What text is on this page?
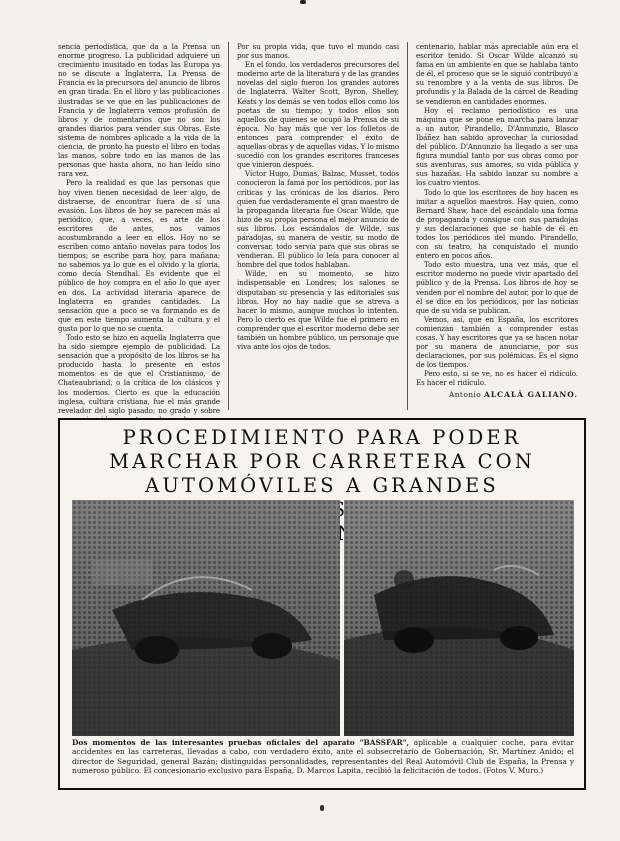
sencia periodística, que da a la Prensa un enorme progreso. La publicidad adquiere un crecimiento inusitado en todas las Europa ya no se discute a Inglaterra. La Prensa de Francia es la precursora del anuncio de libros en gran tirada. En el libro y las publicaciones ilustradas se ve que en las publicaciones de Francia y de Inglaterra vemos profusión de libros y de comentarios que no son los grandes diarios para vender sus Obras. Este sistema de nombres aplicado a la vida de la ciencia, de pronto ha puesto el libro en todas las manos, sobre todo en las manos de las personas que hasta ahora, no han leído sino rara vez.

Pero la realidad es que las personas que hoy viven tienen necesidad de leer algo, de distraerse, de encontrar fuera de sí una evasión. Los libros de hoy se parecen más al periódico, que, a veces, es arte de los escritores de antes, nos vamos acostumbrando a leer en ellos. Hoy no se escriben como antaño novelas para todos los tiempos; se escribe para hoy, para mañana; no sabemos ya lo que es el olvido y la gloria, como decía Stendhal. Es evidente que el público de hoy compra en el año lo que ayer en dos. La actividad literaria aparece de Inglaterra en grandes cantidades. La sensación que a poco se va formando es de que en este tiempo aumenta la cultura y el gusto por lo que no se cuenta.

Todo esto se hizo en aquella Inglaterra que ha sido siempre ejemplo de publicidad. La sensación que a propósito de los libros se ha producido hasta lo presente en estos momentos es de que el Cristianismo, de Chateaubriand, o la crítica de los clásicos y los modernos. Cierto es que la educación inglesa, cultura cristiana, fue el más grande revelador del siglo pasado; no grado y sobre

Por su propia vida, que tuvo el mundo casi por sus manos.

En el fondo, los verdaderos precursores del moderno arte de la literatura y de las grandes novelas del siglo fueron los grandes autores de Inglaterra. Walter Scott, Byron, Shelley, Keats y los demás se ven todos ellos como los poetas de su tiempo; y todos ellos son aquellos de quienes se ocupó la Prensa de su época. No hay más que ver los folletos de entonces para comprender el éxito de aquellas obras y de aquellas vidas. Y lo mismo sucedió con los grandes escritores franceses que vinieron después.

Víctor Hugo, Dumas, Balzac, Musset, todos conocieron la fama por los periódicos, por las críticas y las crónicas de los diarios. Pero quien fue verdaderamente el gran maestro de la propaganda literaria fue Oscar Wilde, que hizo de su propia persona el mejor anuncio de sus libros. Los escándalos de Wilde, sus paradojas, su manera de vestir, su modo de conversar, todo servía para que sus obras se vendieran. El público lo leía para conocer al hombre del que todos hablaban.

Wilde, en su momento, se hizo indispensable en Londres; los salones se disputaban su presencia y las editoriales sus libros. Hoy no hay nadie que se atreva a hacer lo mismo, aunque muchos lo intenten. Pero lo cierto es que Wilde fue el primero en comprender que el escritor moderno debe ser también un hombre público, un personaje que viva ante los ojos de todos.

centenario, hablar más apreciable aún era el escritor tenido. Si Oscar Wilde alcanzó su fama en un ambiente en que se hablaba tanto de él, el proceso que se le siguió contribuyó a su renombre y a la venta de sus libros. De profundis y la Balada de la cárcel de Reading se vendieron en cantidades enormes.

Hoy el reclamo periodístico es una máquina que se pone en marcha para lanzar a un autor. Pirandello, D'Annunzio, Blasco Ibáñez han sabido aprovechar la curiosidad del público. D'Annunzio ha llegado a ser una figura mundial tanto por sus obras como por sus aventuras, sus amores, su vida pública y sus hazañas. Ha sabido lanzar su nombre a los cuatro vientos.

Todo lo que los escritores de hoy hacen es imitar a aquellos maestros. Hay quien, como Bernard Shaw, hace del escándalo una forma de propaganda y consigue con sus paradojas y sus declaraciones que se hable de él en todos los periódicos del mundo. Pirandello, con su teatro, ha conquistado el mundo entero en pocos años.

Todo esto muestra, una vez más, que el escritor moderno no puede vivir apartado del público y de la Prensa. Los libros de hoy se venden por el nombre del autor, por lo que de él se dice en los periódicos, por las noticias que de su vida se publican.

Vemos, así, que en España, los escritores comienzan también a comprender estas cosas. Y hay escritores que ya se hacen notar por su manera de anunciarse, por sus declaraciones, por sus polémicas. Es el signo de los tiempos.

Pero esto, si se ve, no es hacer el ridículo. Es hacer el ridículo.

Antonio ALCALÁ GALIANO.
PROCEDIMIENTO PARA PODER MARCHAR POR CARRETERA CON AUTOMÓVILES A GRANDES
Dos momentos de las interesantes pruebas oficiales del aparato "BASSFAR", aplicable a cualquier coche, para evitar accidentes en las carreteras, llevadas a cabo, con verdadero éxito, ante el subsecretario de Gobernación, Sr. Martínez Anido; el director de Seguridad, general Bazán; distinguidas personalidades, representantes del Real Automóvil Club de España, la Prensa y numeroso público. El concesionario exclusivo para España, D. Marcos Lapita, recibió la felicitación de todos. (Fotos V. Muro.)
